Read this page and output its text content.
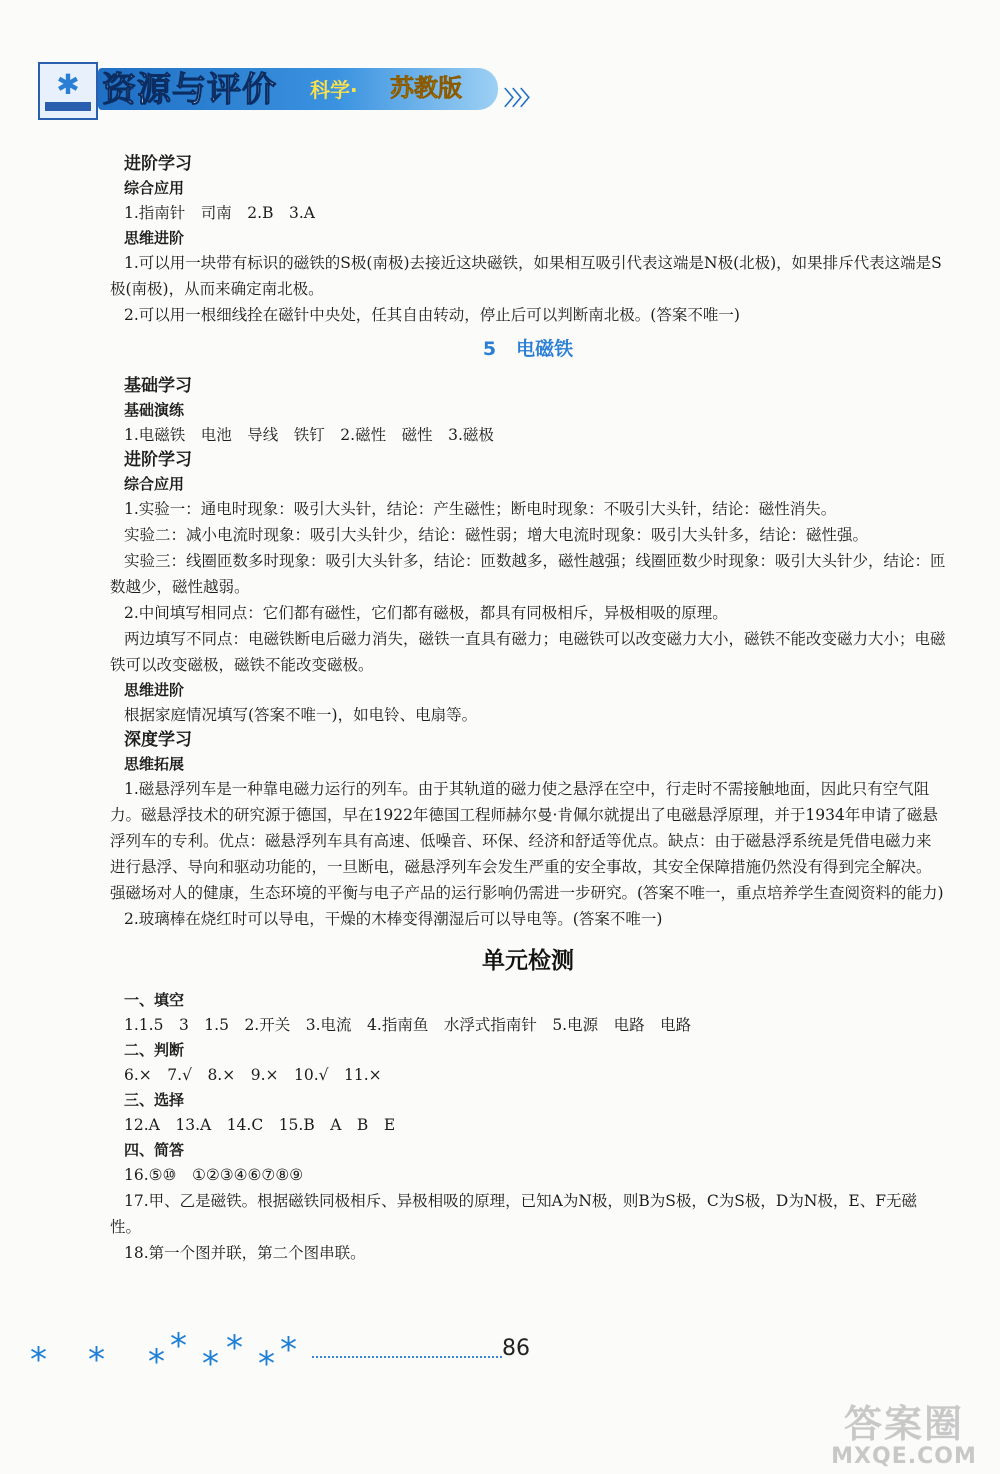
✱ 资源与评价 科学· 苏教版 〉〉〉

进阶学习

综合应用

1.指南针　司南　2.B　3.A

思维进阶

1.可以用一块带有标识的磁铁的S极(南极)去接近这块磁铁，如果相互吸引代表这端是N极(北极)，如果排斥代表这端是S极(南极)，从而来确定南北极。

2.可以用一根细线拴在磁针中央处，任其自由转动，停止后可以判断南北极。(答案不唯一)

5 电磁铁

基础学习

基础演练

1.电磁铁　电池　导线　铁钉　2.磁性　磁性　3.磁极

进阶学习

综合应用

1.实验一：通电时现象：吸引大头针，结论：产生磁性；断电时现象：不吸引大头针，结论：磁性消失。

实验二：减小电流时现象：吸引大头针少，结论：磁性弱；增大电流时现象：吸引大头针多，结论：磁性强。

实验三：线圈匝数多时现象：吸引大头针多，结论：匝数越多，磁性越强；线圈匝数少时现象：吸引大头针少，结论：匝数越少，磁性越弱。

2.中间填写相同点：它们都有磁性，它们都有磁极，都具有同极相斥，异极相吸的原理。

两边填写不同点：电磁铁断电后磁力消失，磁铁一直具有磁力；电磁铁可以改变磁力大小，磁铁不能改变磁力大小；电磁铁可以改变磁极，磁铁不能改变磁极。

思维进阶

根据家庭情况填写(答案不唯一)，如电铃、电扇等。

深度学习

思维拓展

1.磁悬浮列车是一种靠电磁力运行的列车。由于其轨道的磁力使之悬浮在空中，行走时不需接触地面，因此只有空气阻力。磁悬浮技术的研究源于德国，早在1922年德国工程师赫尔曼·肯佩尔就提出了电磁悬浮原理，并于1934年申请了磁悬浮列车的专利。优点：磁悬浮列车具有高速、低噪音、环保、经济和舒适等优点。缺点：由于磁悬浮系统是凭借电磁力来进行悬浮、导向和驱动功能的，一旦断电，磁悬浮列车会发生严重的安全事故，其安全保障措施仍然没有得到完全解决。强磁场对人的健康，生态环境的平衡与电子产品的运行影响仍需进一步研究。(答案不唯一，重点培养学生查阅资料的能力)

2.玻璃棒在烧红时可以导电，干燥的木棒变得潮湿后可以导电等。(答案不唯一)

单元检测

一、填空

1.1.5　3　1.5　2.开关　3.电流　4.指南鱼　水浮式指南针　5.电源　电路　电路

二、判断

6.×　7.√　8.×　9.×　10.√　11.×

三、选择

12.A　13.A　14.C　15.B　A　B　E

四、简答

16.⑤⑩　①②③④⑥⑦⑧⑨

17.甲、乙是磁铁。根据磁铁同极相斥、异极相吸的原理，已知A为N极，则B为S极，C为S极，D为N极，E、F无磁性。

18.第一个图并联，第二个图串联。

* * * * * * * *	86
答案圈
MXQE.COM
